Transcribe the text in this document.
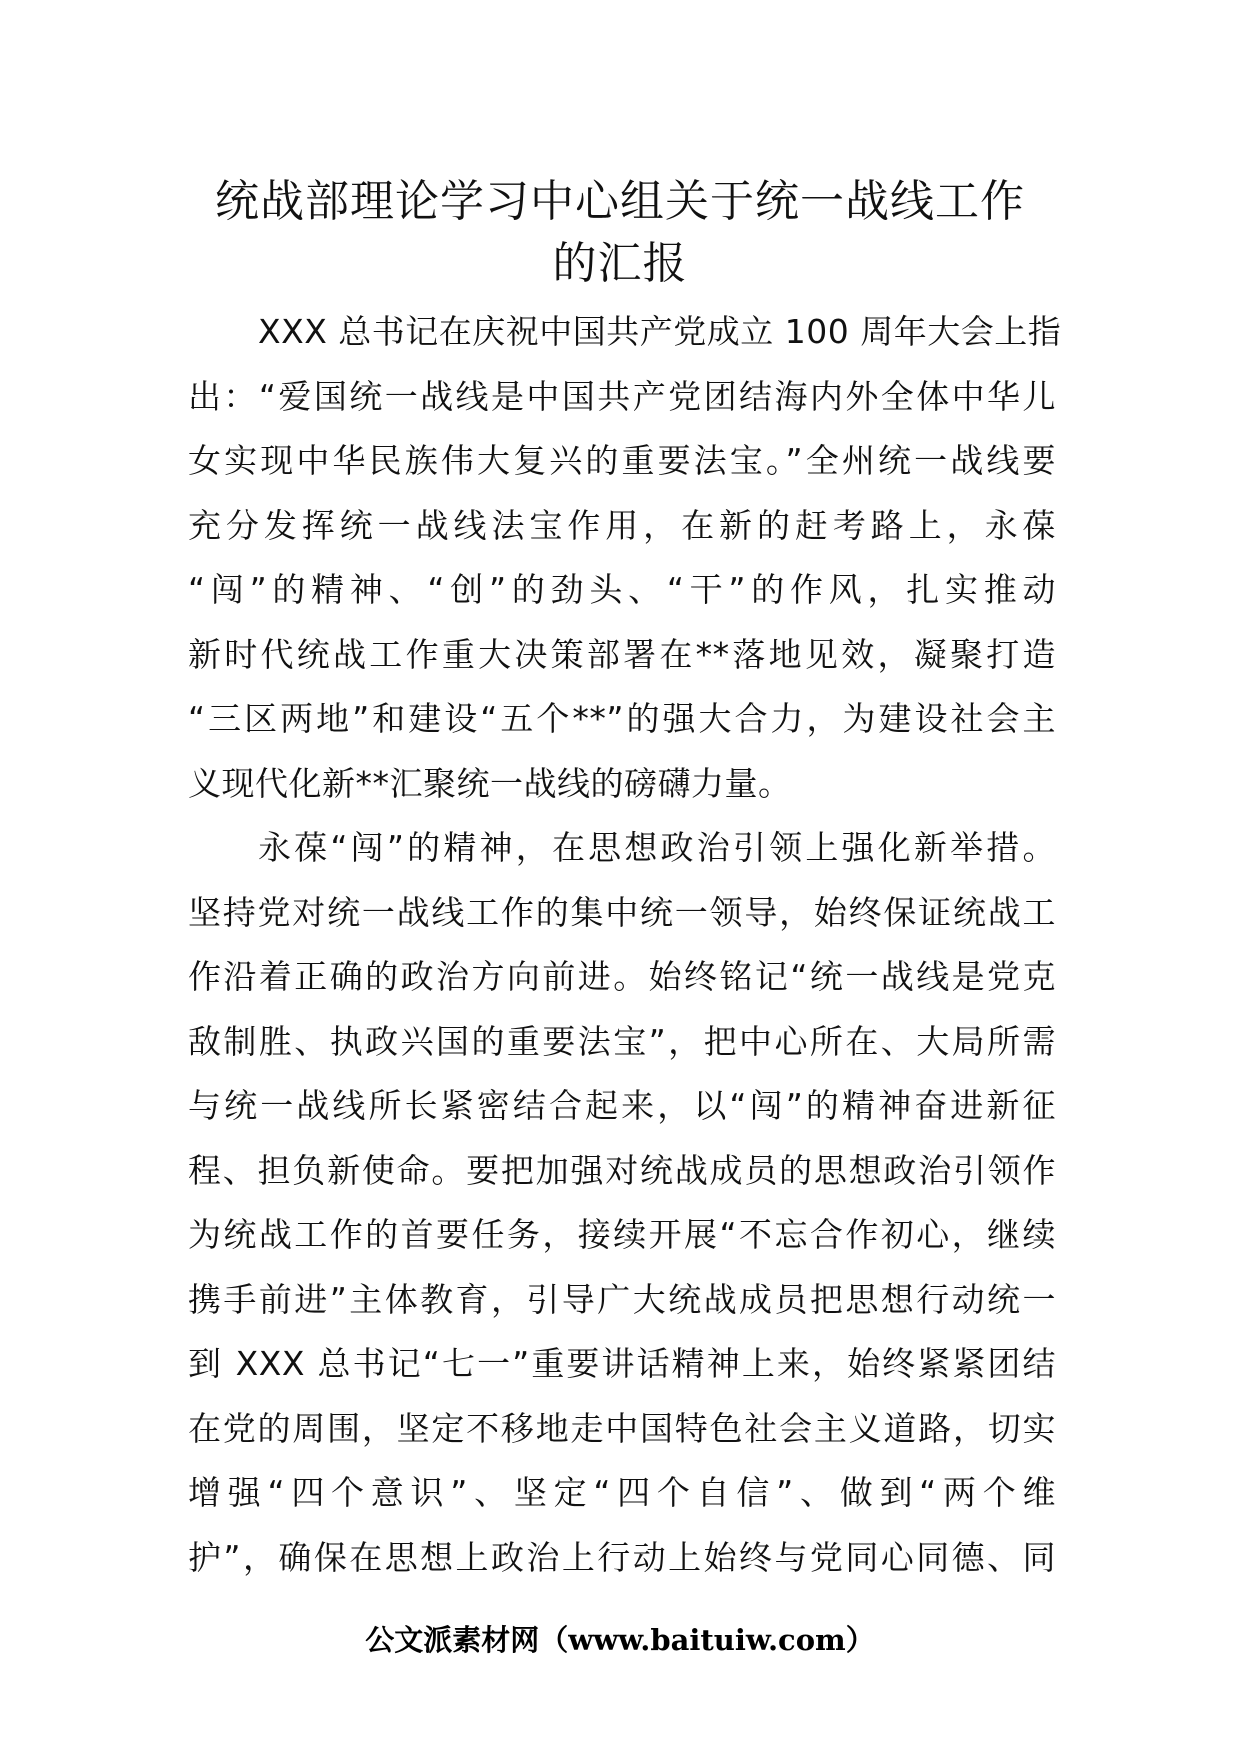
统战部理论学习中心组关于统一战线工作
的汇报
XXX 总书记在庆祝中国共产党成立 100 周年大会上指
出：“爱国统一战线是中国共产党团结海内外全体中华儿
女实现中华民族伟大复兴的重要法宝。”全州统一战线要
充分发挥统一战线法宝作用，在新的赶考路上，永葆
“闯”的精神、“创”的劲头、“干”的作风，扎实推动
新时代统战工作重大决策部署在**落地见效，凝聚打造
“三区两地”和建设“五个**”的强大合力，为建设社会主
义现代化新**汇聚统一战线的磅礴力量。
永葆“闯”的精神，在思想政治引领上强化新举措。
坚持党对统一战线工作的集中统一领导，始终保证统战工
作沿着正确的政治方向前进。始终铭记“统一战线是党克
敌制胜、执政兴国的重要法宝”，把中心所在、大局所需
与统一战线所长紧密结合起来，以“闯”的精神奋进新征
程、担负新使命。要把加强对统战成员的思想政治引领作
为统战工作的首要任务，接续开展“不忘合作初心，继续
携手前进”主体教育，引导广大统战成员把思想行动统一
到 XXX 总书记“七一”重要讲话精神上来，始终紧紧团结
在党的周围，坚定不移地走中国特色社会主义道路，切实
增强“四个意识”、坚定“四个自信”、做到“两个维
护”，确保在思想上政治上行动上始终与党同心同德、同
公文派素材网（www.baituiw.com）
